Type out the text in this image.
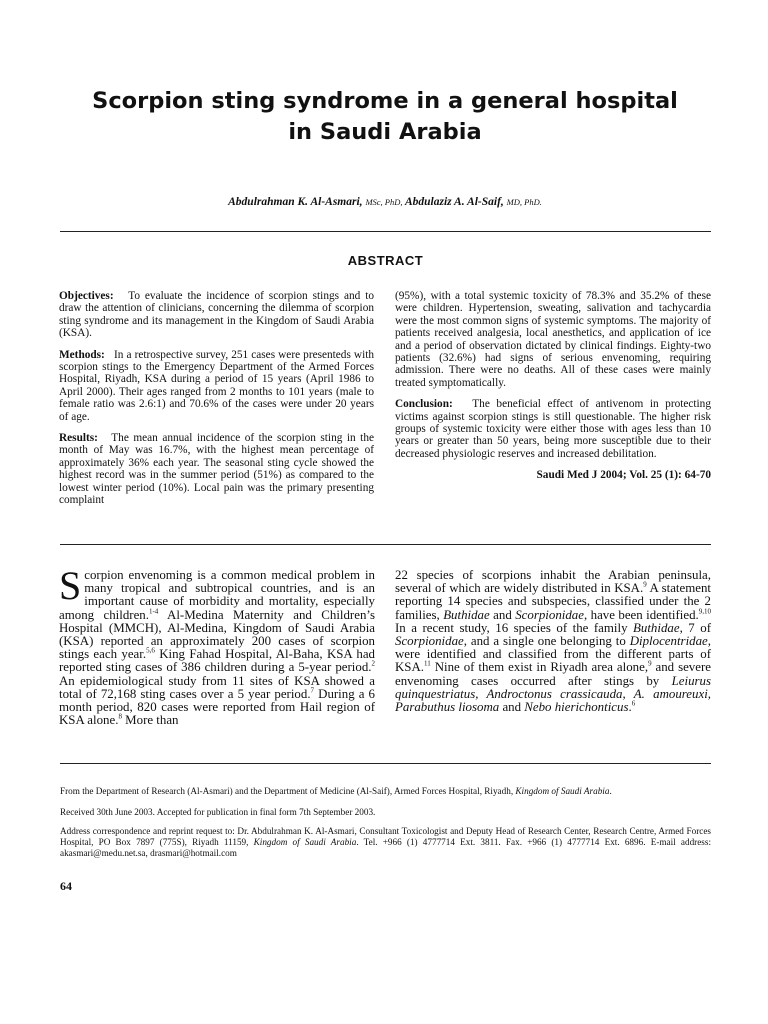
Scorpion sting syndrome in a general hospital
in Saudi Arabia
Abdulrahman K. Al-Asmari, MSc, PhD, Abdulaziz A. Al-Saif, MD, PhD.
ABSTRACT

Objectives: To evaluate the incidence of scorpion stings and to draw the attention of clinicians, concerning the dilemma of scorpion sting syndrome and its management in the Kingdom of Saudi Arabia (KSA).

Methods: In a retrospective survey, 251 cases were presenteds with scorpion stings to the Emergency Department of the Armed Forces Hospital, Riyadh, KSA during a period of 15 years (April 1986 to April 2000). Their ages ranged from 2 months to 101 years (male to female ratio was 2.6:1) and 70.6% of the cases were under 20 years of age.

Results: The mean annual incidence of the scorpion sting in the month of May was 16.7%, with the highest mean percentage of approximately 36% each year. The seasonal sting cycle showed the highest record was in the summer period (51%) as compared to the lowest winter period (10%). Local pain was the primary presenting complaint

(95%), with a total systemic toxicity of 78.3% and 35.2% of these were children. Hypertension, sweating, salivation and tachycardia were the most common signs of systemic symptoms. The majority of patients received analgesia, local anesthetics, and application of ice and a period of observation dictated by clinical findings. Eighty-two patients (32.6%) had signs of serious envenoming, requiring admission. There were no deaths. All of these cases were mainly treated symptomatically.

Conclusion: The beneficial effect of antivenom in protecting victims against scorpion stings is still questionable. The higher risk groups of systemic toxicity were either those with ages less than 10 years or greater than 50 years, being more susceptible due to their decreased physiologic reserves and increased debilitation.

Saudi Med J 2004; Vol. 25 (1): 64-70
Scorpion envenoming is a common medical problem in many tropical and subtropical countries, and is an important cause of morbidity and mortality, especially among children.$^{1-4}$ Al-Medina Maternity and Children’s Hospital (MMCH), Al-Medina, Kingdom of Saudi Arabia (KSA) reported an approximately 200 cases of scorpion stings each year.$^{5,6}$ King Fahad Hospital, Al-Baha, KSA had reported sting cases of 386 children during a 5-year period.$^2$ An epidemiological study from 11 sites of KSA showed a total of 72,168 sting cases over a 5 year period.$^7$ During a 6 month period, 820 cases were reported from Hail region of KSA alone.$^8$ More than
22 species of scorpions inhabit the Arabian peninsula, several of which are widely distributed in KSA.$^9$ A statement reporting 14 species and subspecies, classified under the 2 families, Buthidae and Scorpionidae, have been identified.$^{9,10}$ In a recent study, 16 species of the family Buthidae, 7 of Scorpionidae, and a single one belonging to Diplocentridae, were identified and classified from the different parts of KSA.$^{11}$ Nine of them exist in Riyadh area alone,$^9$ and severe envenoming cases occurred after stings by Leiurus quinquestriatus, Androctonus crassicauda, A. amoureuxi, Parabuthus liosoma and Nebo hierichonticus.$^6$
From the Department of Research (Al-Asmari) and the Department of Medicine (Al-Saif), Armed Forces Hospital, Riyadh, Kingdom of Saudi Arabia.
Received 30th June 2003. Accepted for publication in final form 7th September 2003.
Address correspondence and reprint request to: Dr. Abdulrahman K. Al-Asmari, Consultant Toxicologist and Deputy Head of Research Center, Research Centre, Armed Forces Hospital, PO Box 7897 (775S), Riyadh 11159, Kingdom of Saudi Arabia. Tel. +966 (1) 4777714 Ext. 3811. Fax. +966 (1) 4777714 Ext. 6896. E-mail address: akasmari@medu.net.sa, drasmari@hotmail.com
64
